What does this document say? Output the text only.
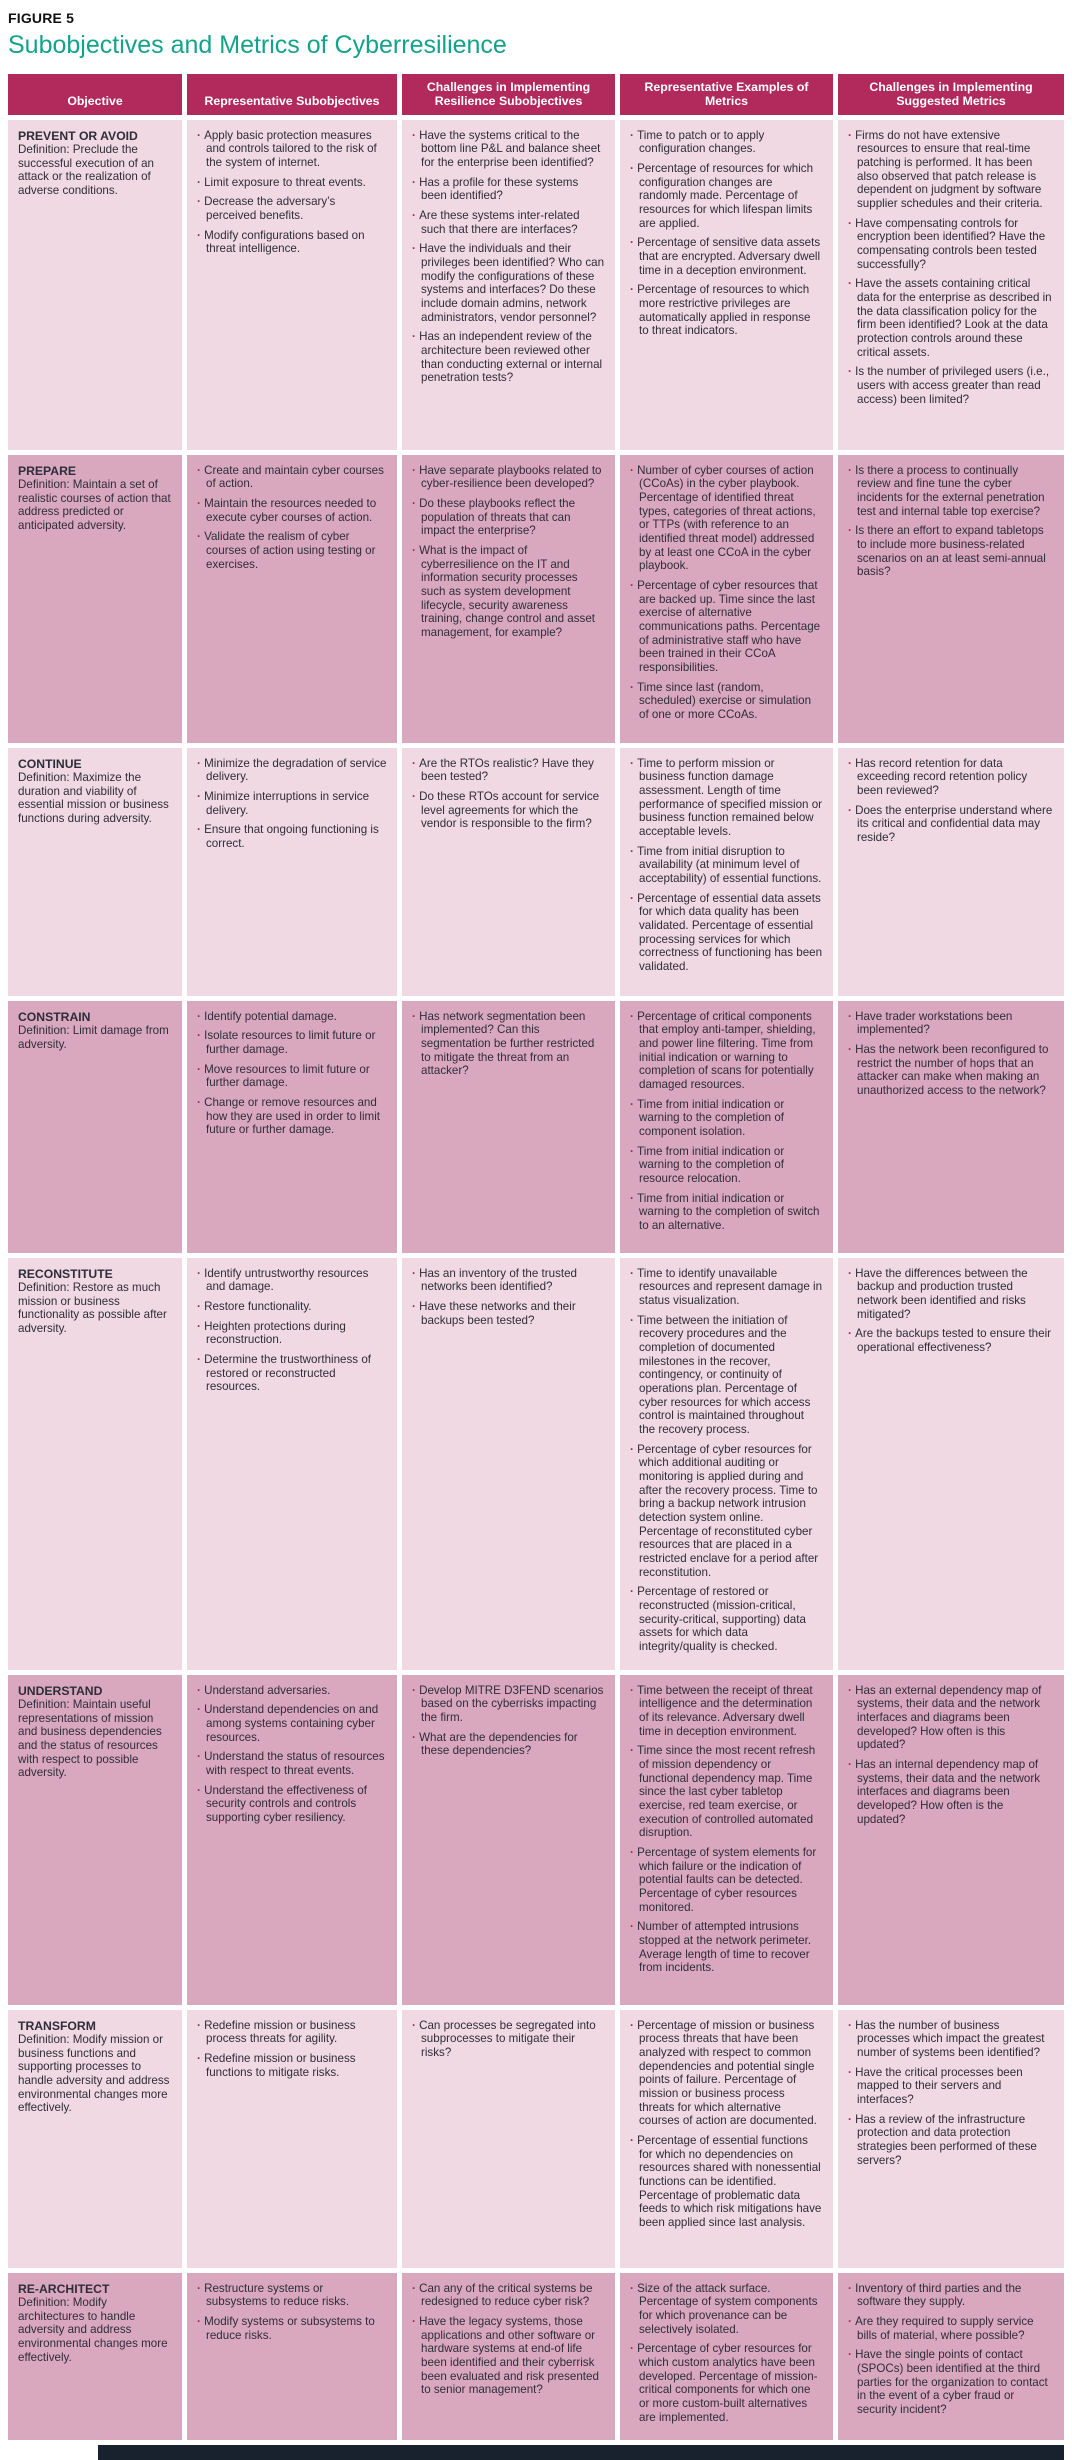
FIGURE 5
Subobjectives and Metrics of Cyberresilience
Objective	Representative Subobjectives
Challenges in Implementing Resilience Subobjectives
Representative Examples of Metrics
Challenges in Implementing Suggested Metrics
PREVENT OR AVOID
Definition: Preclude the successful execution of an attack or the realization of adverse conditions.
· Apply basic protection measures and controls tailored to the risk of the system of internet.
· Limit exposure to threat events.
· Decrease the adversary’s perceived benefits.
· Modify configurations based on threat intelligence.
· Have the systems critical to the bottom line P&L and balance sheet for the enterprise been identified?
· Has a profile for these systems been identified?
· Are these systems inter-related such that there are interfaces?
· Have the individuals and their privileges been identified? Who can modify the configurations of these systems and interfaces? Do these include domain admins, network administrators, vendor personnel?
· Has an independent review of the architecture been reviewed other than conducting external or internal penetration tests?
· Time to patch or to apply configuration changes.
· Percentage of resources for which configuration changes are randomly made. Percentage of resources for which lifespan limits are applied.
· Percentage of sensitive data assets that are encrypted. Adversary dwell time in a deception environment.
· Percentage of resources to which more restrictive privileges are automatically applied in response to threat indicators.
· Firms do not have extensive resources to ensure that real-time patching is performed. It has been also observed that patch release is dependent on judgment by software supplier schedules and their criteria.
· Have compensating controls for encryption been identified? Have the compensating controls been tested successfully?
· Have the assets containing critical data for the enterprise as described in the data classification policy for the firm been identified? Look at the data protection controls around these critical assets.
· Is the number of privileged users (i.e., users with access greater than read access) been limited?
PREPARE
Definition: Maintain a set of realistic courses of action that address predicted or anticipated adversity.
· Create and maintain cyber courses of action.
· Maintain the resources needed to execute cyber courses of action.
· Validate the realism of cyber courses of action using testing or exercises.
· Have separate playbooks related to cyber-resilience been developed?
· Do these playbooks reflect the population of threats that can impact the enterprise?
· What is the impact of cyberresilience on the IT and information security processes such as system development lifecycle, security awareness training, change control and asset management, for example?
· Number of cyber courses of action (CCoAs) in the cyber playbook. Percentage of identified threat types, categories of threat actions, or TTPs (with reference to an identified threat model) addressed by at least one CCoA in the cyber playbook.
· Percentage of cyber resources that are backed up. Time since the last exercise of alternative communications paths. Percentage of administrative staff who have been trained in their CCoA responsibilities.
· Time since last (random, scheduled) exercise or simulation of one or more CCoAs.
· Is there a process to continually review and fine tune the cyber incidents for the external penetration test and internal table top exercise?
· Is there an effort to expand tabletops to include more business-related scenarios on an at least semi-annual basis?
CONTINUE
Definition: Maximize the duration and viability of essential mission or business functions during adversity.
· Minimize the degradation of service delivery.
· Minimize interruptions in service delivery.
· Ensure that ongoing functioning is correct.
· Are the RTOs realistic? Have they been tested?
· Do these RTOs account for service level agreements for which the vendor is responsible to the firm?
· Time to perform mission or business function damage assessment. Length of time performance of specified mission or business function remained below acceptable levels.
· Time from initial disruption to availability (at minimum level of acceptability) of essential functions.
· Percentage of essential data assets for which data quality has been validated. Percentage of essential processing services for which correctness of functioning has been validated.
· Has record retention for data exceeding record retention policy been reviewed?
· Does the enterprise understand where its critical and confidential data may reside?
CONSTRAIN
Definition: Limit damage from adversity.
· Identify potential damage.
· Isolate resources to limit future or further damage.
· Move resources to limit future or further damage.
· Change or remove resources and how they are used in order to limit future or further damage.
· Has network segmentation been implemented? Can this segmentation be further restricted to mitigate the threat from an attacker?
· Percentage of critical components that employ anti-tamper, shielding, and power line filtering. Time from initial indication or warning to completion of scans for potentially damaged resources.
· Time from initial indication or warning to the completion of component isolation.
· Time from initial indication or warning to the completion of resource relocation.
· Time from initial indication or warning to the completion of switch to an alternative.
· Have trader workstations been implemented?
· Has the network been reconfigured to restrict the number of hops that an attacker can make when making an unauthorized access to the network?
RECONSTITUTE
Definition: Restore as much mission or business functionality as possible after adversity.
· Identify untrustworthy resources and damage.
· Restore functionality.
· Heighten protections during reconstruction.
· Determine the trustworthiness of restored or reconstructed resources.
· Has an inventory of the trusted networks been identified?
· Have these networks and their backups been tested?
· Time to identify unavailable resources and represent damage in status visualization.
· Time between the initiation of recovery procedures and the completion of documented milestones in the recover, contingency, or continuity of operations plan. Percentage of cyber resources for which access control is maintained throughout the recovery process.
· Percentage of cyber resources for which additional auditing or monitoring is applied during and after the recovery process. Time to bring a backup network intrusion detection system online. Percentage of reconstituted cyber resources that are placed in a restricted enclave for a period after reconstitution.
· Percentage of restored or reconstructed (mission-critical, security-critical, supporting) data assets for which data integrity/quality is checked.
· Have the differences between the backup and production trusted network been identified and risks mitigated?
· Are the backups tested to ensure their operational effectiveness?
UNDERSTAND
Definition: Maintain useful representations of mission and business dependencies and the status of resources with respect to possible adversity.
· Understand adversaries.
· Understand dependencies on and among systems containing cyber resources.
· Understand the status of resources with respect to threat events.
· Understand the effectiveness of security controls and controls supporting cyber resiliency.
· Develop MITRE D3FEND scenarios based on the cyberrisks impacting the firm.
· What are the dependencies for these dependencies?
· Time between the receipt of threat intelligence and the determination of its relevance. Adversary dwell time in deception environment.
· Time since the most recent refresh of mission dependency or functional dependency map. Time since the last cyber tabletop exercise, red team exercise, or execution of controlled automated disruption.
· Percentage of system elements for which failure or the indication of potential faults can be detected. Percentage of cyber resources monitored.
· Number of attempted intrusions stopped at the network perimeter. Average length of time to recover from incidents.
· Has an external dependency map of systems, their data and the network interfaces and diagrams been developed? How often is this updated?
· Has an internal dependency map of systems, their data and the network interfaces and diagrams been developed? How often is the updated?
TRANSFORM
Definition: Modify mission or business functions and supporting processes to handle adversity and address environmental changes more effectively.
· Redefine mission or business process threats for agility.
· Redefine mission or business functions to mitigate risks.
· Can processes be segregated into subprocesses to mitigate their risks?
· Percentage of mission or business process threats that have been analyzed with respect to common dependencies and potential single points of failure. Percentage of mission or business process threats for which alternative courses of action are documented.
· Percentage of essential functions for which no dependencies on resources shared with nonessential functions can be identified. Percentage of problematic data feeds to which risk mitigations have been applied since last analysis.
· Has the number of business processes which impact the greatest number of systems been identified?
· Have the critical processes been mapped to their servers and interfaces?
· Has a review of the infrastructure protection and data protection strategies been performed of these servers?
RE-ARCHITECT
Definition: Modify architectures to handle adversity and address environmental changes more effectively.
· Restructure systems or subsystems to reduce risks.
· Modify systems or subsystems to reduce risks.
· Can any of the critical systems be redesigned to reduce cyber risk?
· Have the legacy systems, those applications and other software or hardware systems at end-of life been identified and their cyberrisk been evaluated and risk presented to senior management?
· Size of the attack surface. Percentage of system components for which provenance can be selectively isolated.
· Percentage of cyber resources for which custom analytics have been developed. Percentage of mission-critical components for which one or more custom-built alternatives are implemented.
· Inventory of third parties and the software they supply.
· Are they required to supply service bills of material, where possible?
· Have the single points of contact (SPOCs) been identified at the third parties for the organization to contact in the event of a cyber fraud or security incident?
